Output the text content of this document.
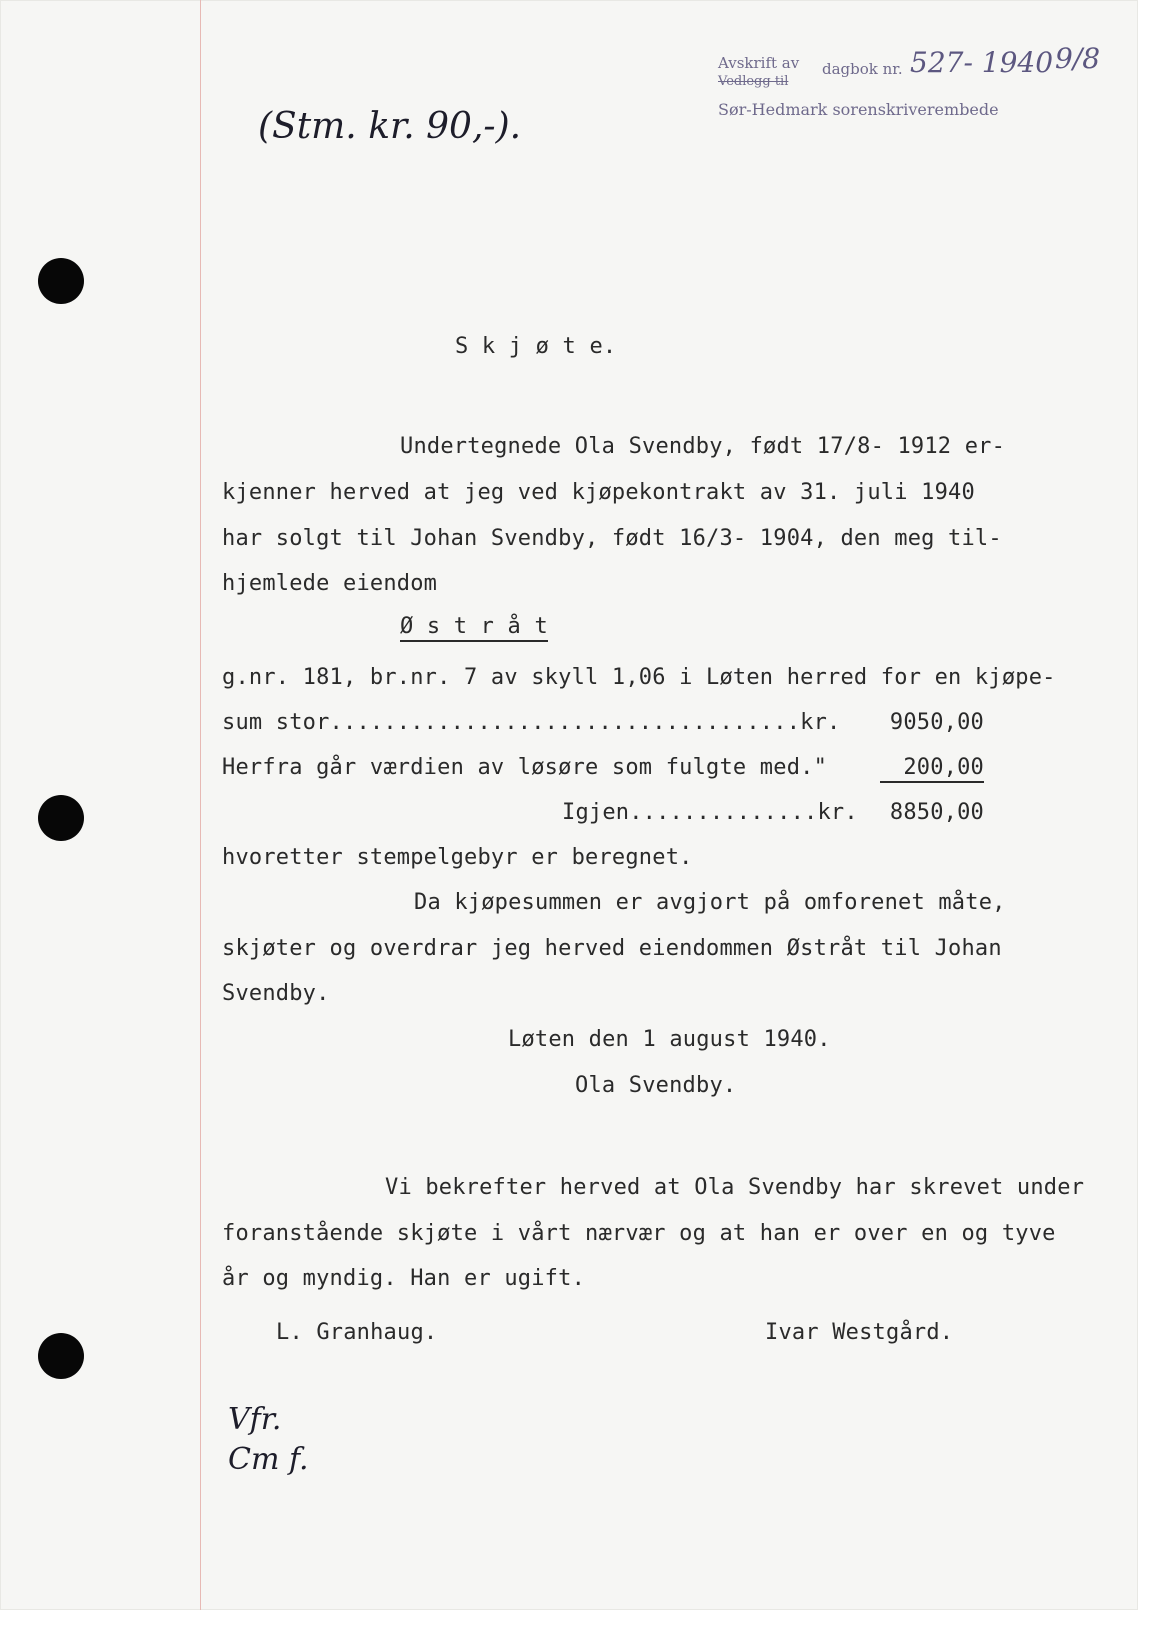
Avskrift av dagbok nr.
Vedlegg til
527- 1940 9/8
Sør-Hedmark sorenskriverembede
(Stm. kr. 90,-).
S k j ø t e.
Undertegnede Ola Svendby, født 17/8- 1912 er-
kjenner herved at jeg ved kjøpekontrakt av 31. juli 1940
har solgt til Johan Svendby, født 16/3- 1904, den meg til-
hjemlede eiendom
Ø s t r å t
g.nr. 181, br.nr. 7 av skyll 1,06 i Løten herred for en kjøpe-
sum stor...................................kr.	9050,00
Herfra går værdien av løsøre som fulgte med."	200,00
Igjen..............kr.	8850,00
hvoretter stempelgebyr er beregnet.
Da kjøpesummen er avgjort på omforenet måte,
skjøter og overdrar jeg herved eiendommen Østråt til Johan
Svendby.
Løten den 1 august 1940.
Ola Svendby.
Vi bekrefter herved at Ola Svendby har skrevet under
foranstående skjøte i vårt nærvær og at han er over en og tyve
år og myndig. Han er ugift.
L. Granhaug.	Ivar Westgård.
Vfr.
Cm f.
